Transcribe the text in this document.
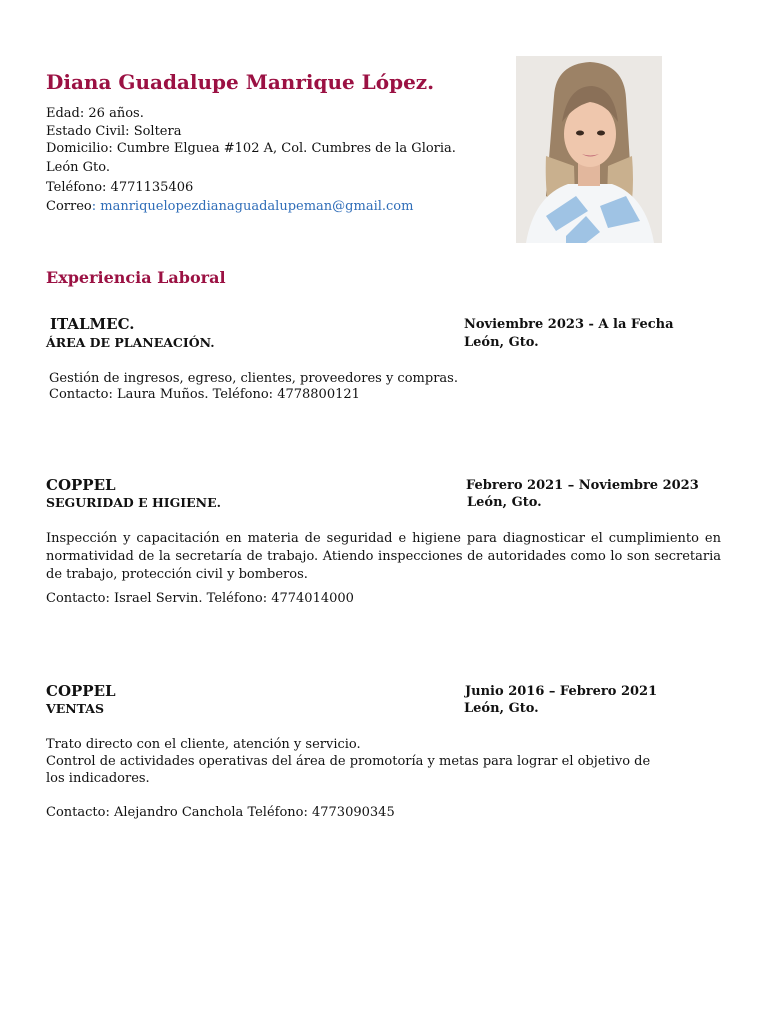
Diana Guadalupe Manrique López.
Edad: 26 años.
Estado Civil: Soltera
Domicilio: Cumbre Elguea #102 A, Col. Cumbres de la Gloria.
León Gto.
Teléfono: 4771135406
Correo: manriquelopezdianaguadalupeman@gmail.com
Experiencia Laboral
ITALMEC.
ÁREA DE PLANEACIÓN.
Noviembre 2023 - A la Fecha
León, Gto.
Gestión de ingresos, egreso, clientes, proveedores y compras.
Contacto: Laura Muños. Teléfono: 4778800121
COPPEL
SEGURIDAD E HIGIENE.
Febrero 2021 – Noviembre 2023
León, Gto.
Inspección y capacitación en materia de seguridad e higiene para diagnosticar el cumplimiento en normatividad de la secretaría de trabajo. Atiendo inspecciones de autoridades como lo son secretaria de trabajo, protección civil y bomberos.
Contacto: Israel Servin. Teléfono: 4774014000
COPPEL
VENTAS
Junio 2016 – Febrero 2021
León, Gto.
Trato directo con el cliente, atención y servicio.
Control de actividades operativas del área de promotoría y metas para lograr el objetivo de
los indicadores.
Contacto: Alejandro Canchola Teléfono: 4773090345
